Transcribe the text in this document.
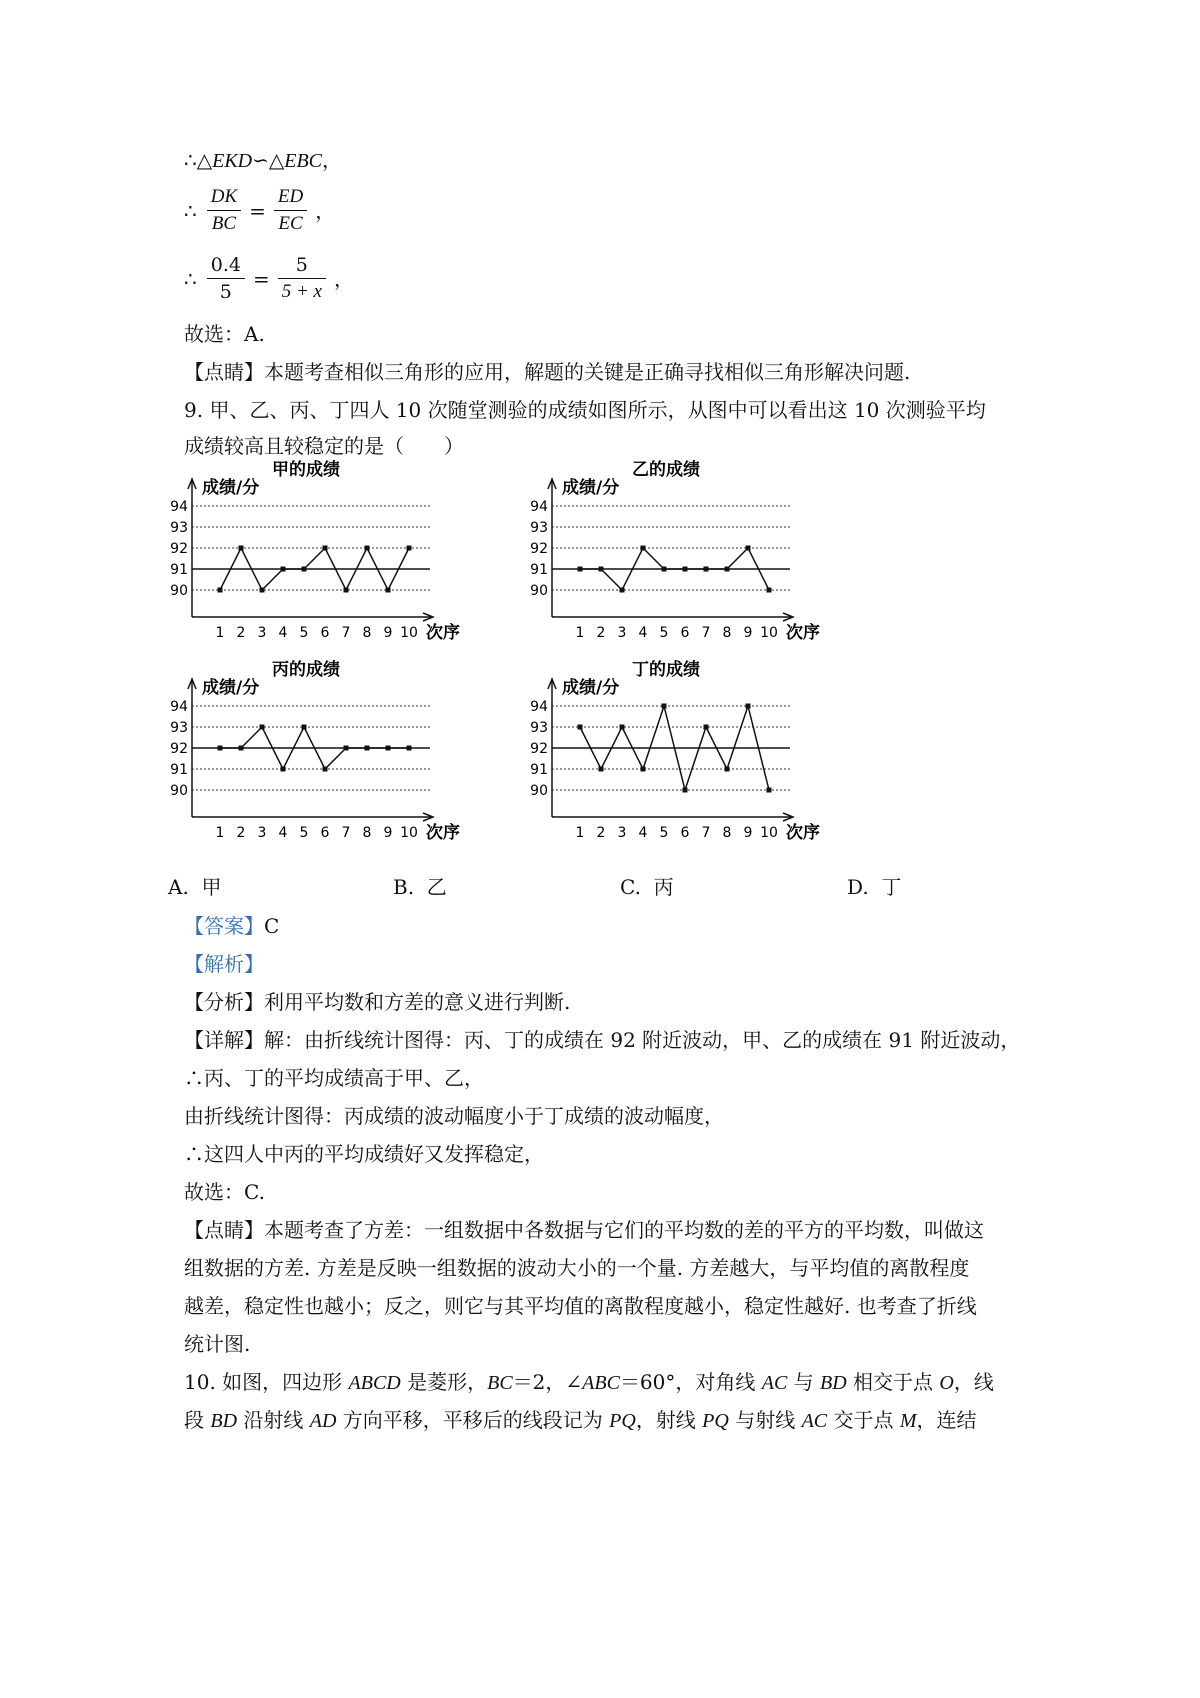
∴△EKD∽△EBC，
∴ $\frac{DK}{BC} = \frac{ED}{EC}$ ，
∴ $\frac{0.4}{5} = \frac{5}{5 + x}$ ，
故选：A.
【点睛】本题考查相似三角形的应用，解题的关键是正确寻找相似三角形解决问题.
9. 甲、乙、丙、丁四人 10 次随堂测验的成绩如图所示，从图中可以看出这 10 次测验平均
成绩较高且较稳定的是（　　）
甲的成绩
成绩/分
90
91
92
93
94
1 2 3 4 5 6 7 8 9 10 次序
乙的成绩
成绩/分
90
91
92
93
94
1 2 3 4 5 6 7 8 9 10 次序
丙的成绩
成绩/分
90
91
92
93
94
1 2 3 4 5 6 7 8 9 10 次序
丁的成绩
成绩/分
90
91
92
93
94
1 2 3 4 5 6 7 8 9 10 次序
A. 甲	B. 乙	C. 丙	D. 丁
【答案】C
【解析】
【分析】利用平均数和方差的意义进行判断.
【详解】解：由折线统计图得：丙、丁的成绩在 92 附近波动，甲、乙的成绩在 91 附近波动，
∴丙、丁的平均成绩高于甲、乙，
由折线统计图得：丙成绩的波动幅度小于丁成绩的波动幅度，
∴这四人中丙的平均成绩好又发挥稳定，
故选：C.
【点睛】本题考查了方差：一组数据中各数据与它们的平均数的差的平方的平均数，叫做这
组数据的方差. 方差是反映一组数据的波动大小的一个量. 方差越大，与平均值的离散程度
越差，稳定性也越小；反之，则它与其平均值的离散程度越小，稳定性越好. 也考查了折线
统计图.
10. 如图，四边形 ABCD 是菱形，BC＝2，∠ABC＝60°，对角线 AC 与 BD 相交于点 O，线
段 BD 沿射线 AD 方向平移，平移后的线段记为 PQ，射线 PQ 与射线 AC 交于点 M，连结
